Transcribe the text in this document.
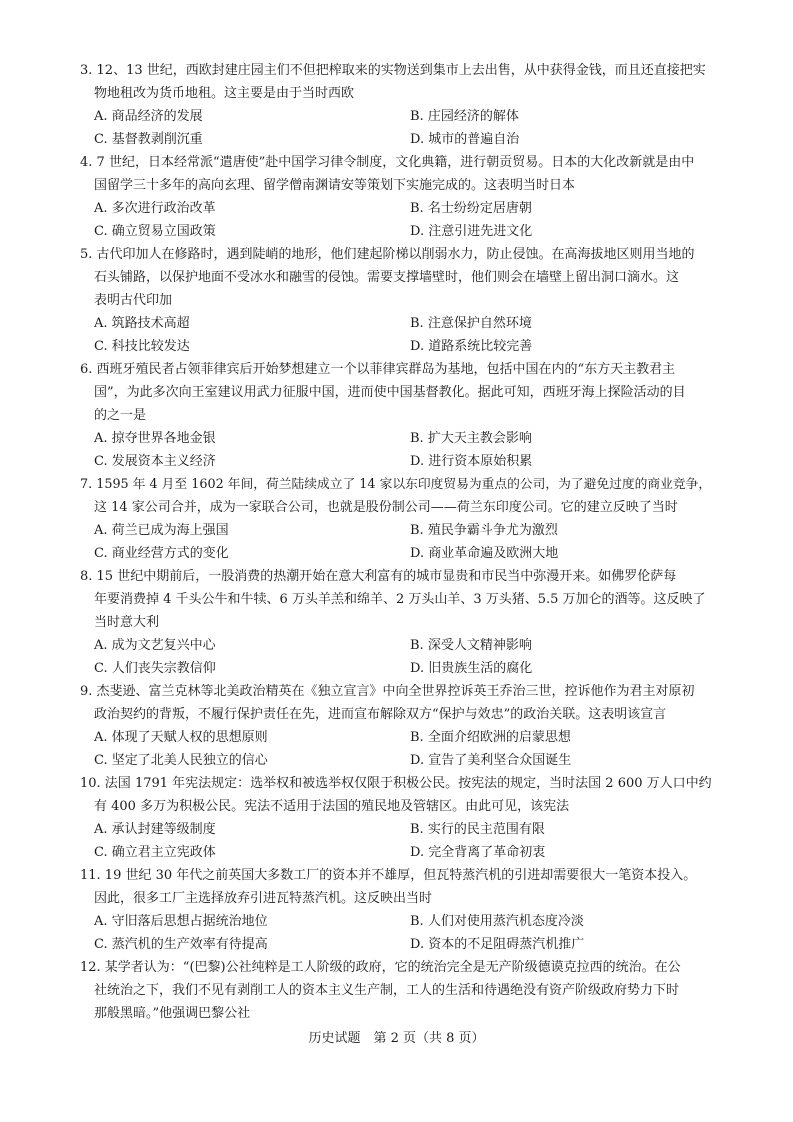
3. 12、13 世纪，西欧封建庄园主们不但把榨取来的实物送到集市上去出售，从中获得金钱，而且还直接把实
物地租改为货币地租。这主要是由于当时西欧
A. 商品经济的发展	B. 庄园经济的解体
C. 基督教剥削沉重	D. 城市的普遍自治
4. 7 世纪，日本经常派“遣唐使”赴中国学习律令制度，文化典籍，进行朝贡贸易。日本的大化改新就是由中
国留学三十多年的高向玄理、留学僧南渊请安等策划下实施完成的。这表明当时日本
A. 多次进行政治改革	B. 名士纷纷定居唐朝
C. 确立贸易立国政策	D. 注意引进先进文化
5. 古代印加人在修路时，遇到陡峭的地形，他们建起阶梯以削弱水力，防止侵蚀。在高海拔地区则用当地的
石头铺路，以保护地面不受冰水和融雪的侵蚀。需要支撑墙壁时，他们则会在墙壁上留出洞口滴水。这
表明古代印加
A. 筑路技术高超	B. 注意保护自然环境
C. 科技比较发达	D. 道路系统比较完善
6. 西班牙殖民者占领菲律宾后开始梦想建立一个以菲律宾群岛为基地，包括中国在内的“东方天主教君主
国”，为此多次向王室建议用武力征服中国，进而使中国基督教化。据此可知，西班牙海上探险活动的目
的之一是
A. 掠夺世界各地金银	B. 扩大天主教会影响
C. 发展资本主义经济	D. 进行资本原始积累
7. 1595 年 4 月至 1602 年间，荷兰陆续成立了 14 家以东印度贸易为重点的公司，为了避免过度的商业竞争，
这 14 家公司合并，成为一家联合公司，也就是股份制公司——荷兰东印度公司。它的建立反映了当时
A. 荷兰已成为海上强国	B. 殖民争霸斗争尤为激烈
C. 商业经营方式的变化	D. 商业革命遍及欧洲大地
8. 15 世纪中期前后，一股消费的热潮开始在意大利富有的城市显贵和市民当中弥漫开来。如佛罗伦萨每
年要消费掉 4 千头公牛和牛犊、6 万头羊羔和绵羊、2 万头山羊、3 万头猪、5.5 万加仑的酒等。这反映了
当时意大利
A. 成为文艺复兴中心	B. 深受人文精神影响
C. 人们丧失宗教信仰	D. 旧贵族生活的腐化
9. 杰斐逊、富兰克林等北美政治精英在《独立宣言》中向全世界控诉英王乔治三世，控诉他作为君主对原初
政治契约的背叛，不履行保护责任在先，进而宣布解除双方“保护与效忠”的政治关联。这表明该宣言
A. 体现了天赋人权的思想原则	B. 全面介绍欧洲的启蒙思想
C. 坚定了北美人民独立的信心	D. 宣告了美利坚合众国诞生
10. 法国 1791 年宪法规定：选举权和被选举权仅限于积极公民。按宪法的规定，当时法国 2 600 万人口中约
有 400 多万为积极公民。宪法不适用于法国的殖民地及管辖区。由此可见，该宪法
A. 承认封建等级制度	B. 实行的民主范围有限
C. 确立君主立宪政体	D. 完全背离了革命初衷
11. 19 世纪 30 年代之前英国大多数工厂的资本并不雄厚，但瓦特蒸汽机的引进却需要很大一笔资本投入。
因此，很多工厂主选择放弃引进瓦特蒸汽机。这反映出当时
A. 守旧落后思想占据统治地位	B. 人们对使用蒸汽机态度冷淡
C. 蒸汽机的生产效率有待提高	D. 资本的不足阻碍蒸汽机推广
12. 某学者认为：“(巴黎)公社纯粹是工人阶级的政府，它的统治完全是无产阶级德谟克拉西的统治。在公
社统治之下，我们不见有剥削工人的资本主义生产制，工人的生活和待遇绝没有资产阶级政府势力下时
那般黑暗。”他强调巴黎公社
历史试题　第 2 页（共 8 页）
